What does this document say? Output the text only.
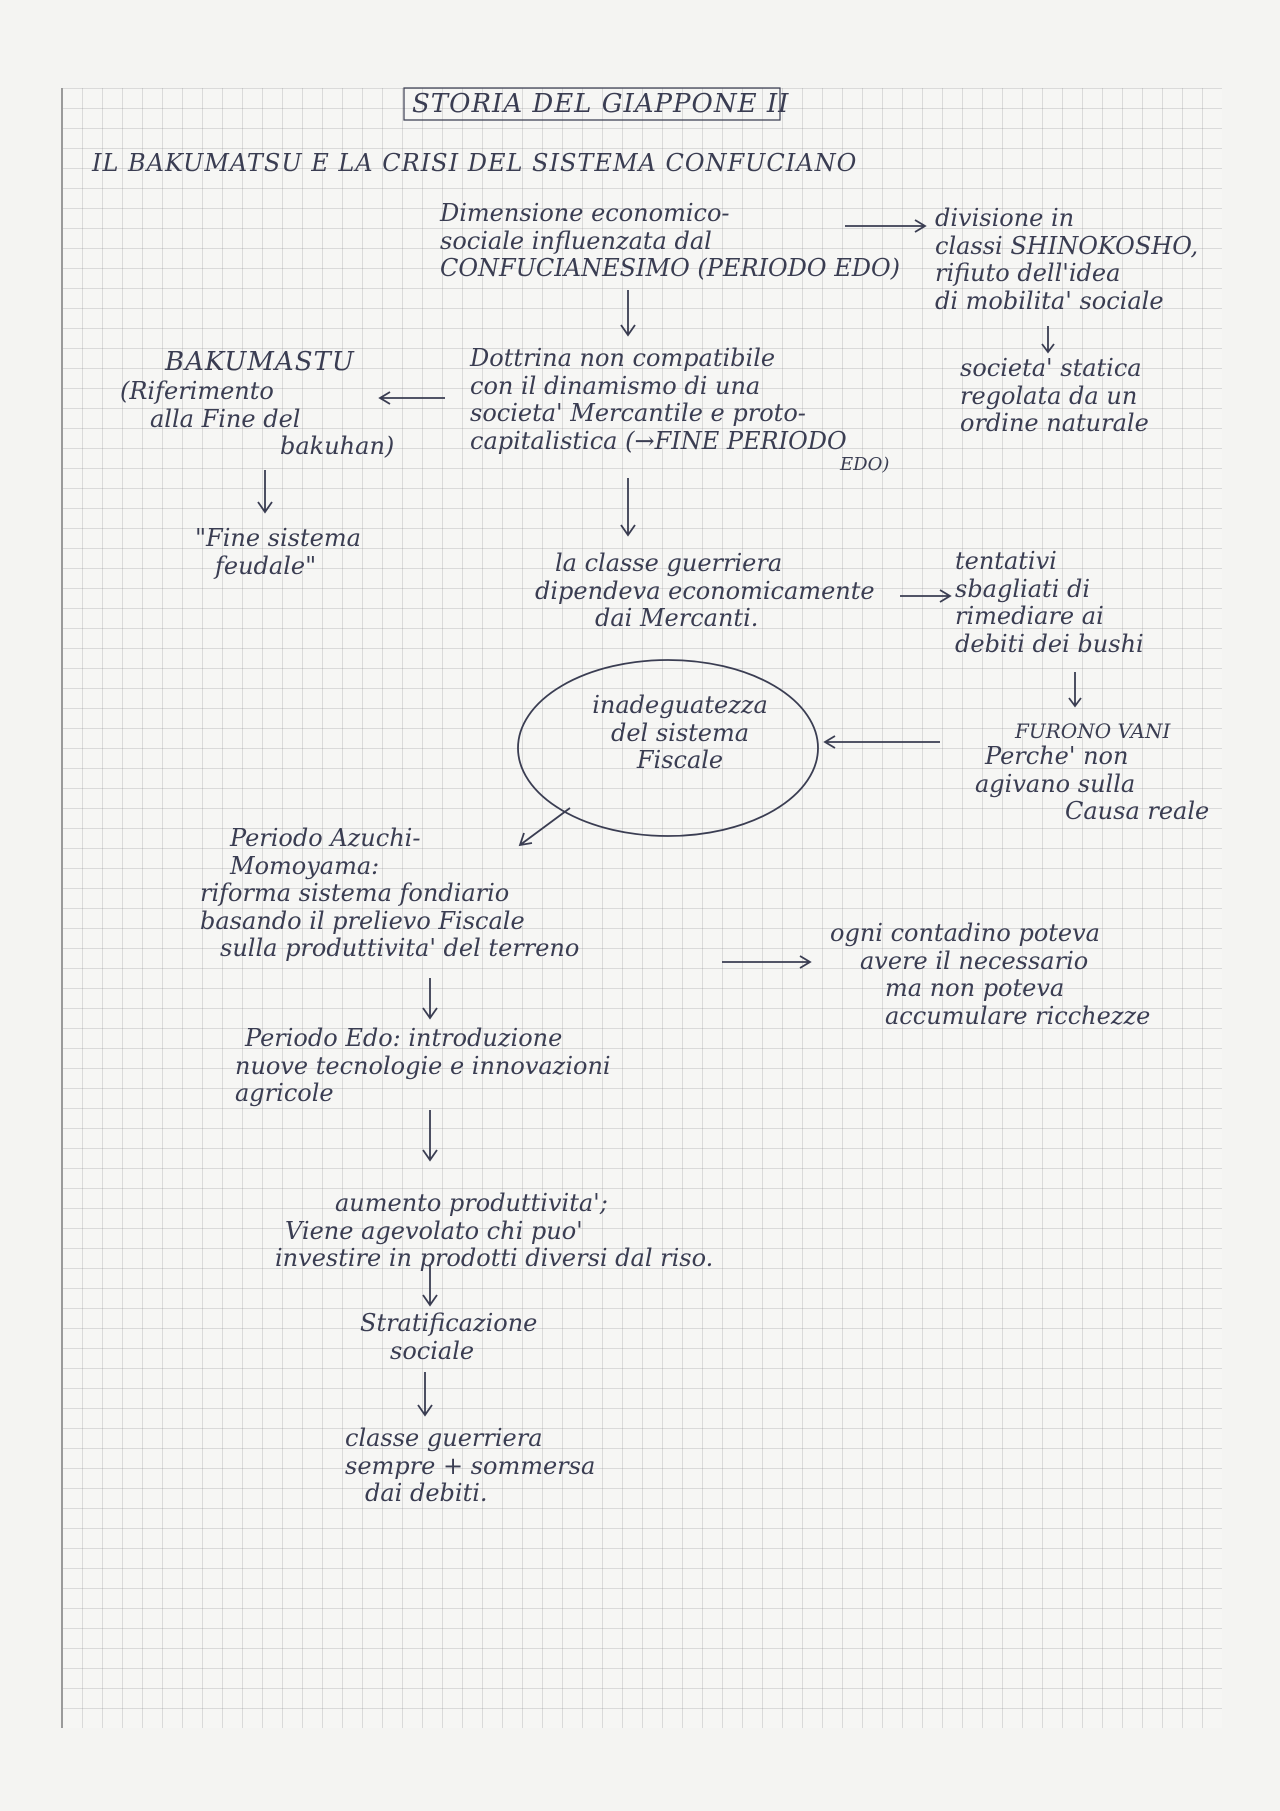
STORIA DEL GIAPPONE II
IL BAKUMATSU E LA CRISI DEL SISTEMA CONFUCIANO
Dimensione economico-
sociale influenzata dal
CONFUCIANESIMO (PERIODO EDO)
divisione in
classi SHINOKOSHO,
rifiuto dell'idea
di mobilita' sociale
societa' statica
regolata da un
ordine naturale
BAKUMASTU
(Riferimento
alla Fine del
bakuhan)
Dottrina non compatibile
con il dinamismo di una
societa' Mercantile e proto-
capitalistica (→FINE PERIODO
EDO)
"Fine sistema
feudale"	la classe guerriera
dipendeva economicamente
dai Mercanti.
tentativi
sbagliati di
rimediare ai
debiti dei bushi
inadeguatezza
del sistema
Fiscale
FURONO VANI
Perche' non
agivano sulla
Causa reale
Periodo Azuchi-
Momoyama:
riforma sistema fondiario
basando il prelievo Fiscale
sulla produttivita' del terreno
ogni contadino poteva
avere il necessario
ma non poteva
accumulare ricchezze
Periodo Edo: introduzione
nuove tecnologie e innovazioni
agricole
aumento produttivita';
Viene agevolato chi puo'
investire in prodotti diversi dal riso.
Stratificazione
sociale
classe guerriera
sempre + sommersa
dai debiti.
